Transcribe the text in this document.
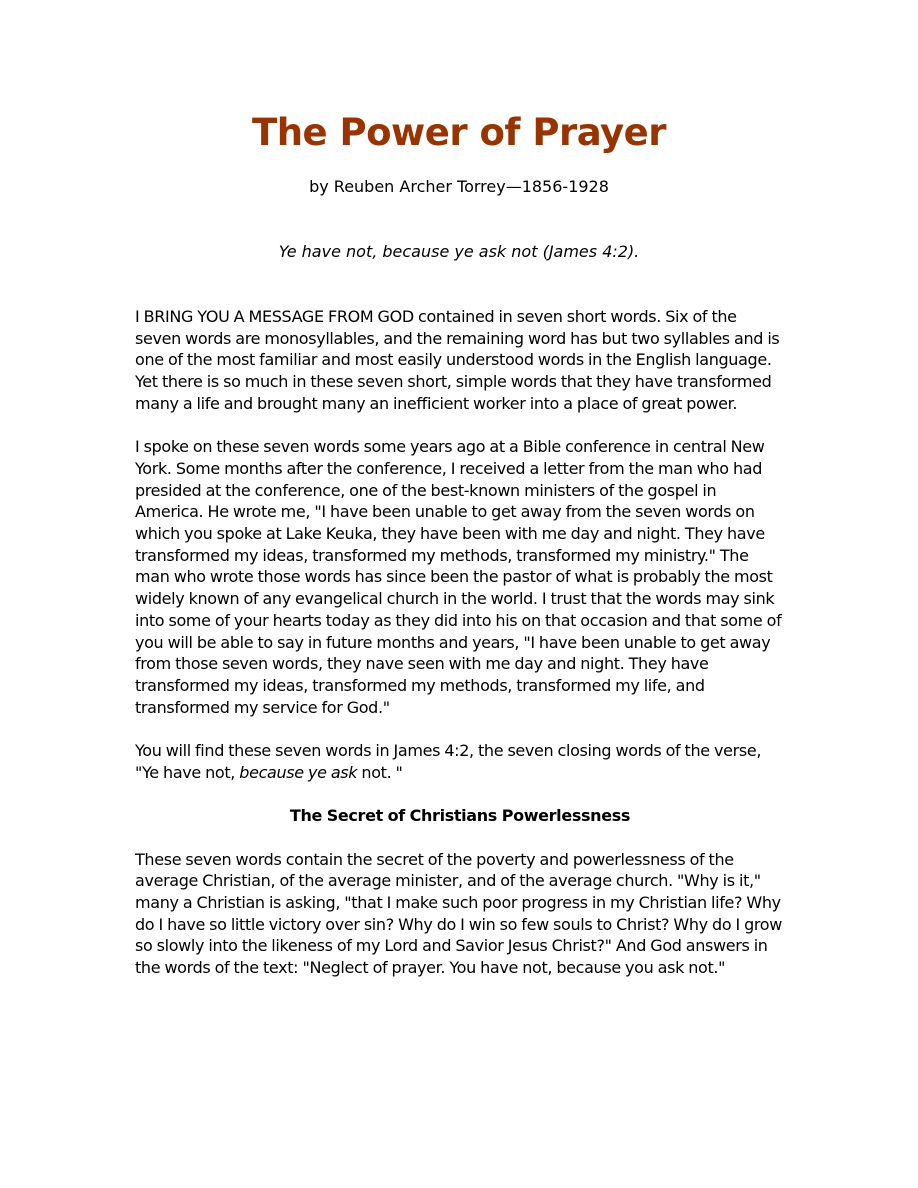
The Power of Prayer

by Reuben Archer Torrey—1856-1928

Ye have not, because ye ask not (James 4:2).

I BRING YOU A MESSAGE FROM GOD contained in seven short words. Six of the seven words are monosyllables, and the remaining word has but two syllables and is one of the most familiar and most easily understood words in the English language. Yet there is so much in these seven short, simple words that they have transformed many a life and brought many an inefficient worker into a place of great power.

I spoke on these seven words some years ago at a Bible conference in central New York. Some months after the conference, I received a letter from the man who had presided at the conference, one of the best-known ministers of the gospel in America. He wrote me, "I have been unable to get away from the seven words on which you spoke at Lake Keuka, they have been with me day and night. They have transformed my ideas, transformed my methods, transformed my ministry." The man who wrote those words has since been the pastor of what is probably the most widely known of any evangelical church in the world. I trust that the words may sink into some of your hearts today as they did into his on that occasion and that some of you will be able to say in future months and years, "I have been unable to get away from those seven words, they nave seen with me day and night. They have transformed my ideas, transformed my methods, transformed my life, and transformed my service for God."

You will find these seven words in James 4:2, the seven closing words of the verse, "Ye have not, because ye ask not. "

The Secret of Christians Powerlessness

These seven words contain the secret of the poverty and powerlessness of the average Christian, of the average minister, and of the average church. "Why is it," many a Christian is asking, "that I make such poor progress in my Christian life? Why do I have so little victory over sin? Why do I win so few souls to Christ? Why do I grow so slowly into the likeness of my Lord and Savior Jesus Christ?" And God answers in the words of the text: "Neglect of prayer. You have not, because you ask not."
